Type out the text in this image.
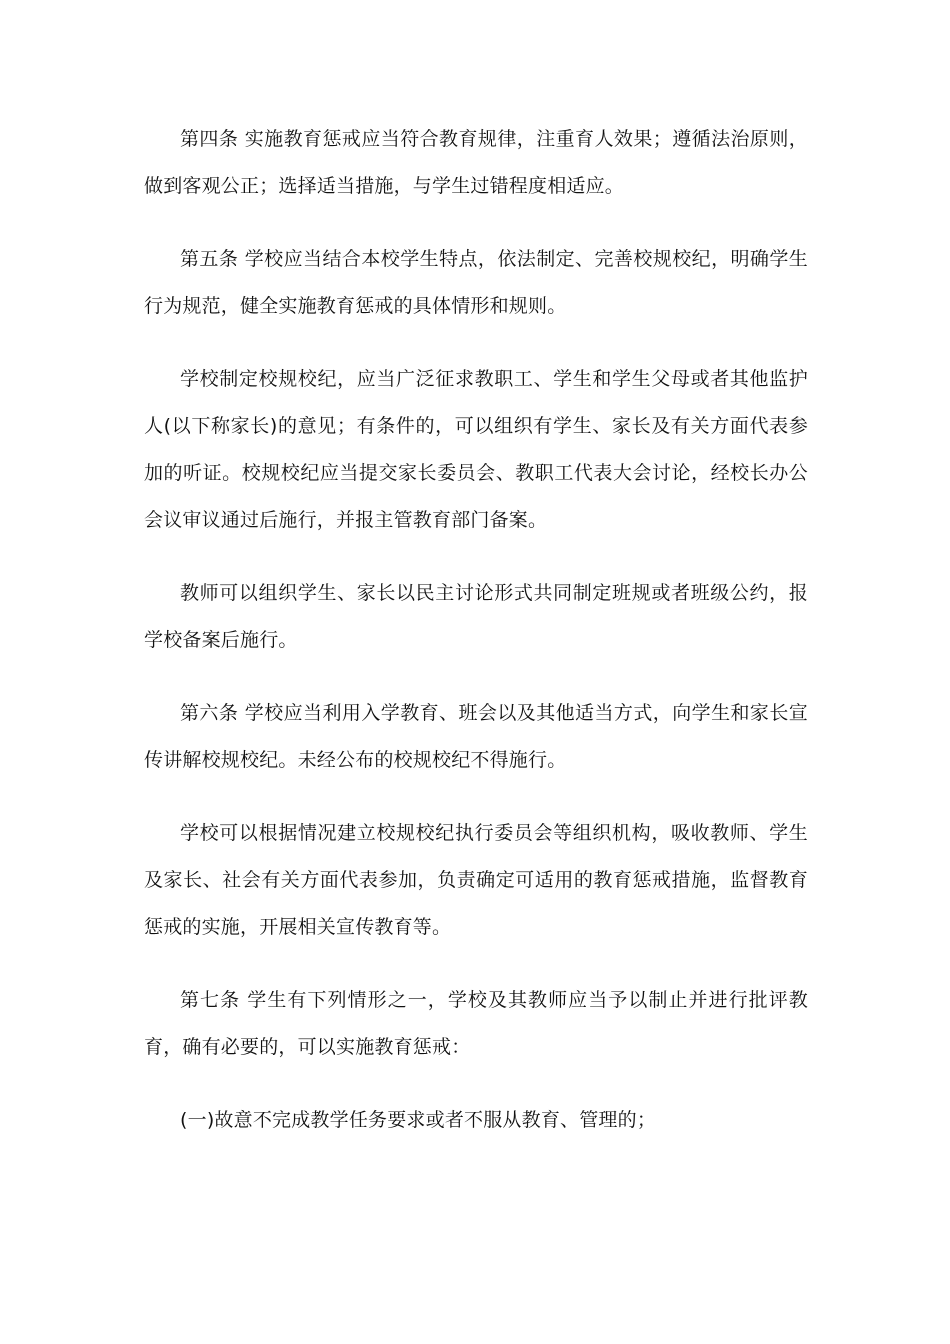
第四条 实施教育惩戒应当符合教育规律，注重育人效果；遵循法治原则，做到客观公正；选择适当措施，与学生过错程度相适应。

第五条 学校应当结合本校学生特点，依法制定、完善校规校纪，明确学生行为规范，健全实施教育惩戒的具体情形和规则。

学校制定校规校纪，应当广泛征求教职工、学生和学生父母或者其他监护人(以下称家长)的意见；有条件的，可以组织有学生、家长及有关方面代表参加的听证。校规校纪应当提交家长委员会、教职工代表大会讨论，经校长办公会议审议通过后施行，并报主管教育部门备案。

教师可以组织学生、家长以民主讨论形式共同制定班规或者班级公约，报学校备案后施行。

第六条 学校应当利用入学教育、班会以及其他适当方式，向学生和家长宣传讲解校规校纪。未经公布的校规校纪不得施行。

学校可以根据情况建立校规校纪执行委员会等组织机构，吸收教师、学生及家长、社会有关方面代表参加，负责确定可适用的教育惩戒措施，监督教育惩戒的实施，开展相关宣传教育等。

第七条 学生有下列情形之一，学校及其教师应当予以制止并进行批评教育，确有必要的，可以实施教育惩戒：

(一)故意不完成教学任务要求或者不服从教育、管理的；
